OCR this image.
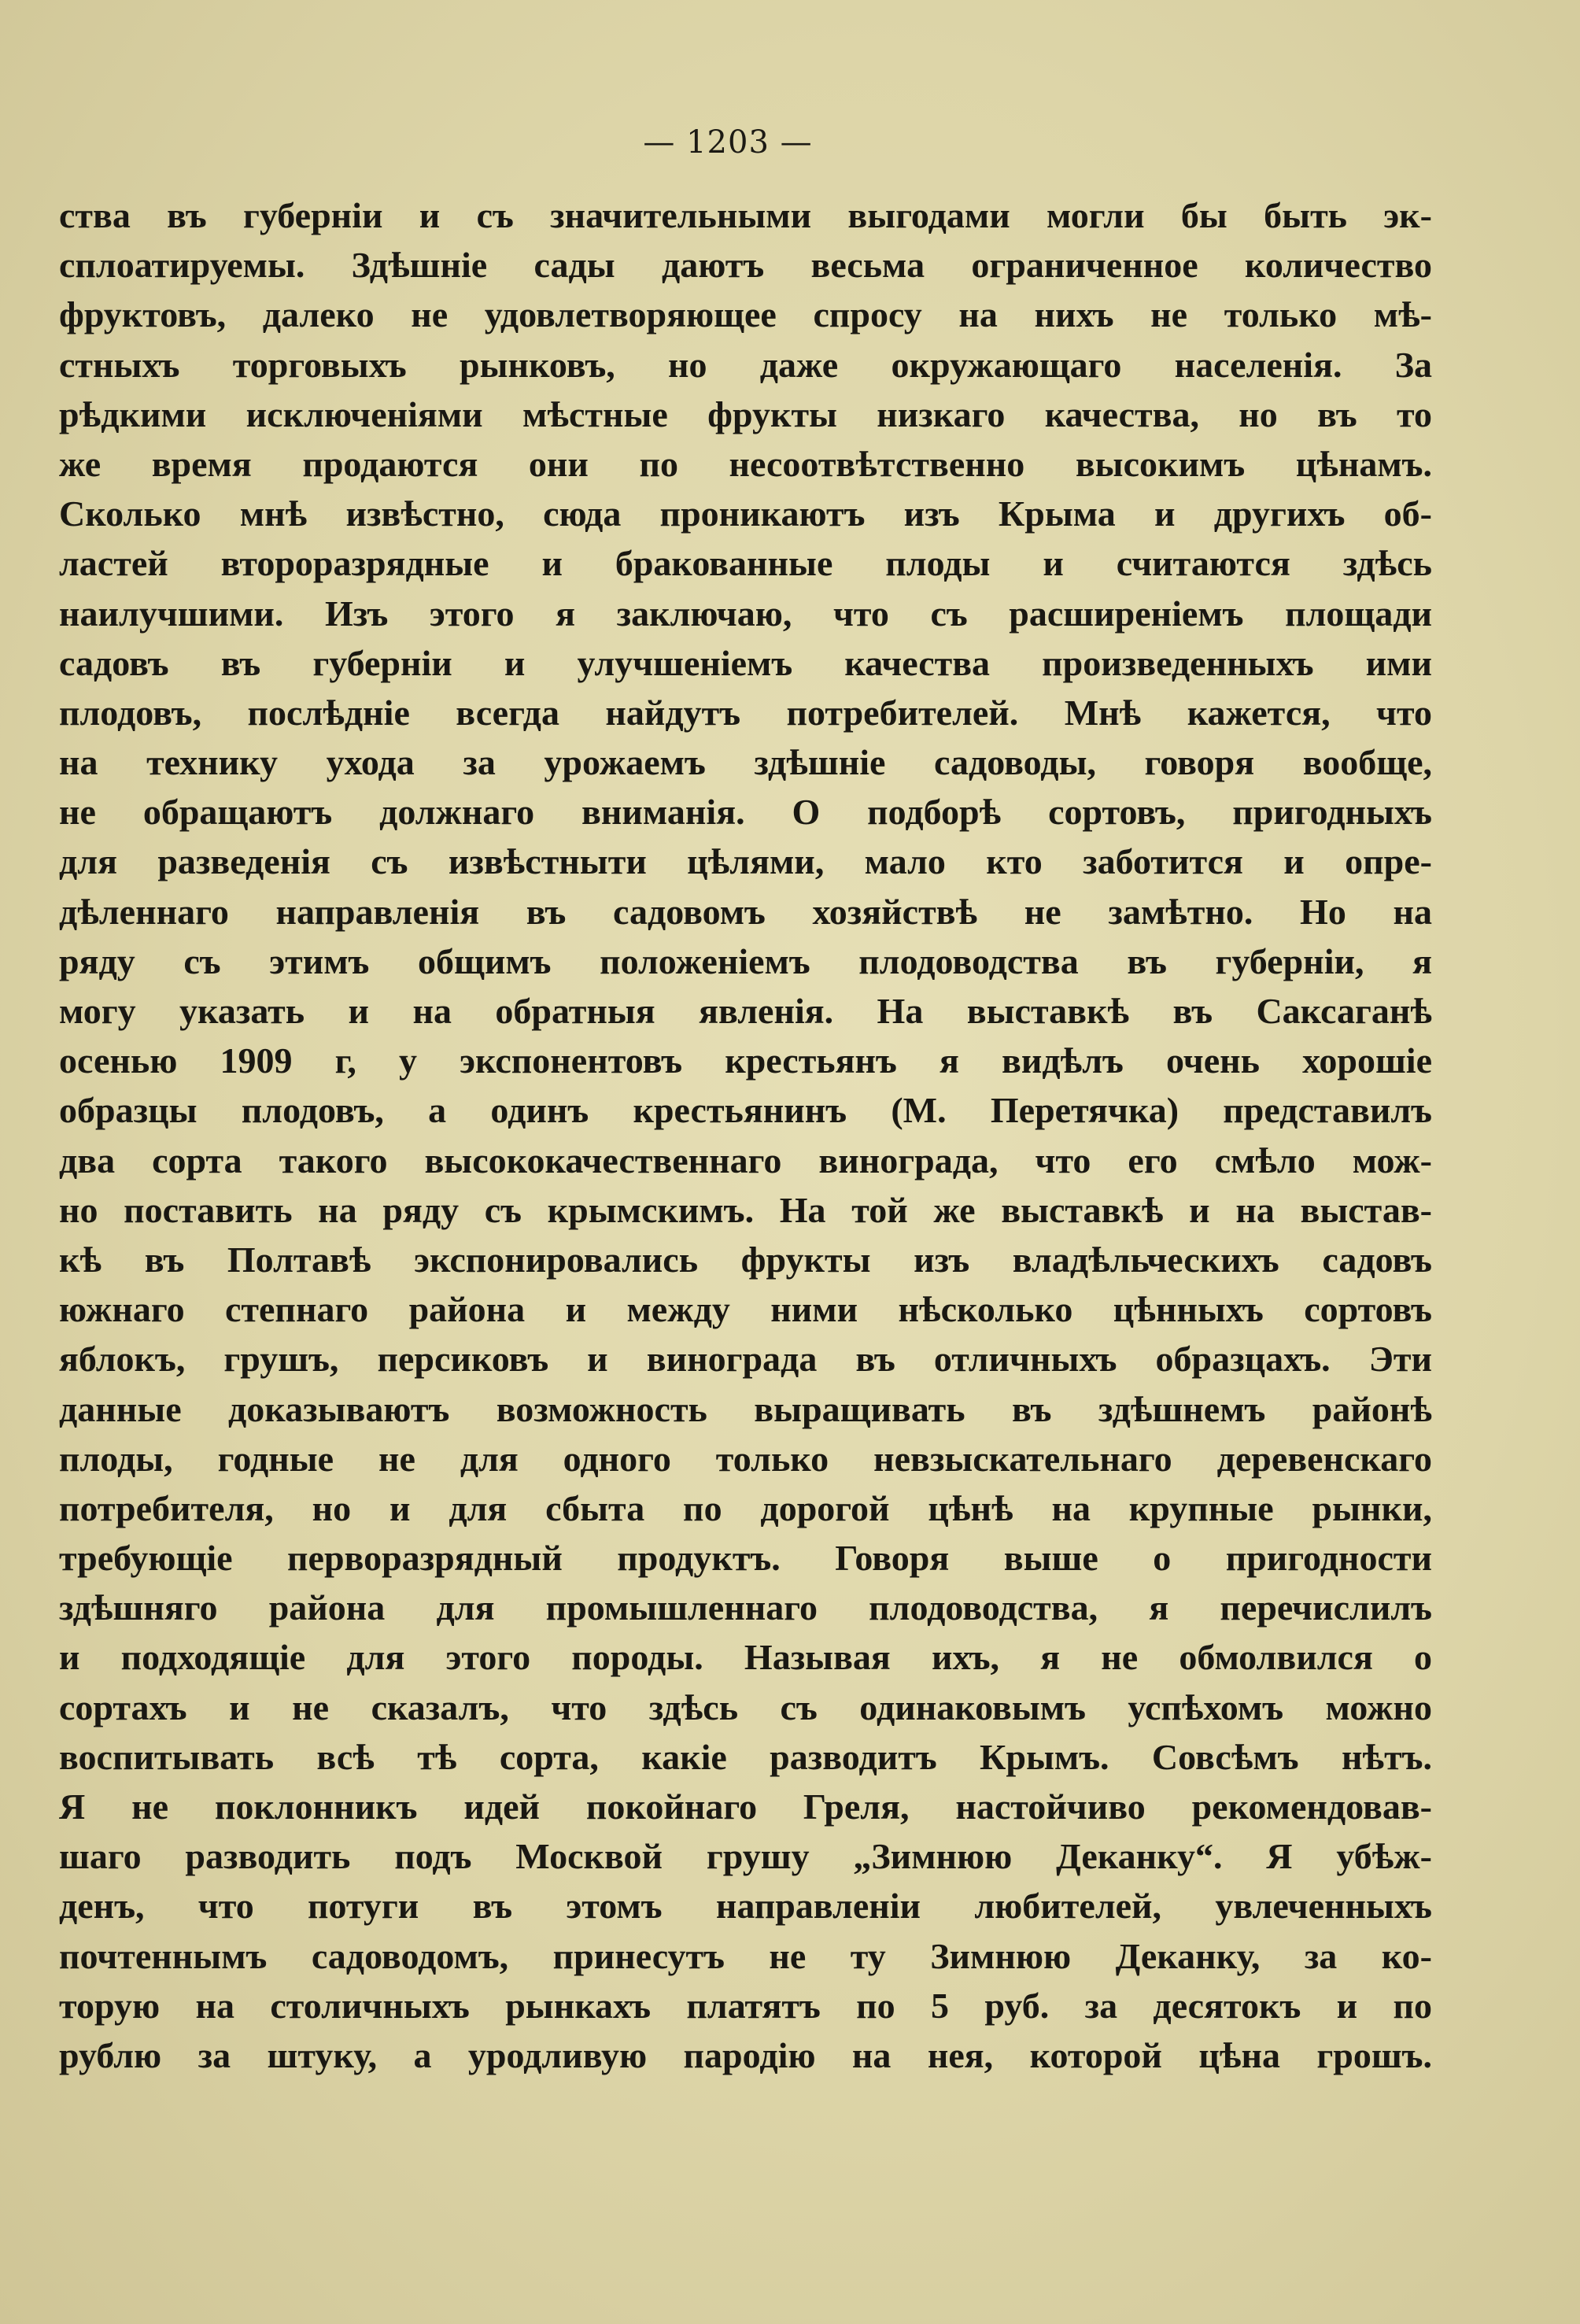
— 1203 —
ства въ губерніи и съ значительными выгодами могли бы быть эк-
сплоатируемы. Здѣшніе сады даютъ весьма ограниченное количество
фруктовъ, далеко не удовлетворяющее спросу на нихъ не только мѣ-
стныхъ торговыхъ рынковъ, но даже окружающаго населенія. За
рѣдкими исключеніями мѣстные фрукты низкаго качества, но въ то
же время продаются они по несоотвѣтственно высокимъ цѣнамъ.
Сколько мнѣ извѣстно, сюда проникаютъ изъ Крыма и другихъ об-
ластей второразрядные и бракованные плоды и считаются здѣсь
наилучшими. Изъ этого я заключаю, что съ расширеніемъ площади
садовъ въ губерніи и улучшеніемъ качества произведенныхъ ими
плодовъ, послѣдніе всегда найдутъ потребителей. Мнѣ кажется, что
на технику ухода за урожаемъ здѣшніе садоводы, говоря вообще,
не обращаютъ должнаго вниманія. О подборѣ сортовъ, пригодныхъ
для разведенія съ извѣстныти цѣлями, мало кто заботится и опре-
дѣленнаго направленія въ садовомъ хозяйствѣ не замѣтно. Но на
ряду съ этимъ общимъ положеніемъ плодоводства въ губерніи, я
могу указать и на обратныя явленія. На выставкѣ въ Саксаганѣ
осенью 1909 г, у экспонентовъ крестьянъ я видѣлъ очень хорошіе
образцы плодовъ, а одинъ крестьянинъ (М. Перетячка) представилъ
два сорта такого высококачественнаго винограда, что его смѣло мож-
но поставить на ряду съ крымскимъ. На той же выставкѣ и на выстав-
кѣ въ Полтавѣ экспонировались фрукты изъ владѣльческихъ садовъ
южнаго степнаго района и между ними нѣсколько цѣнныхъ сортовъ
яблокъ, грушъ, персиковъ и винограда въ отличныхъ образцахъ. Эти
данные доказываютъ возможность выращивать въ здѣшнемъ районѣ
плоды, годные не для одного только невзыскательнаго деревенскаго
потребителя, но и для сбыта по дорогой цѣнѣ на крупные рынки,
требующіе перворазрядный продуктъ. Говоря выше о пригодности
здѣшняго района для промышленнаго плодоводства, я перечислилъ
и подходящіе для этого породы. Называя ихъ, я не обмолвился о
сортахъ и не сказалъ, что здѣсь съ одинаковымъ успѣхомъ можно
воспитывать всѣ тѣ сорта, какіе разводитъ Крымъ. Совсѣмъ нѣтъ.
Я не поклонникъ идей покойнаго Греля, настойчиво рекомендовав-
шаго разводить подъ Москвой грушу „Зимнюю Деканку“. Я убѣж-
денъ, что потуги въ этомъ направленіи любителей, увлеченныхъ
почтеннымъ садоводомъ, принесутъ не ту Зимнюю Деканку, за ко-
торую на столичныхъ рынкахъ платятъ по 5 руб. за десятокъ и по
рублю за штуку, а уродливую пародію на нея, которой цѣна грошъ.
